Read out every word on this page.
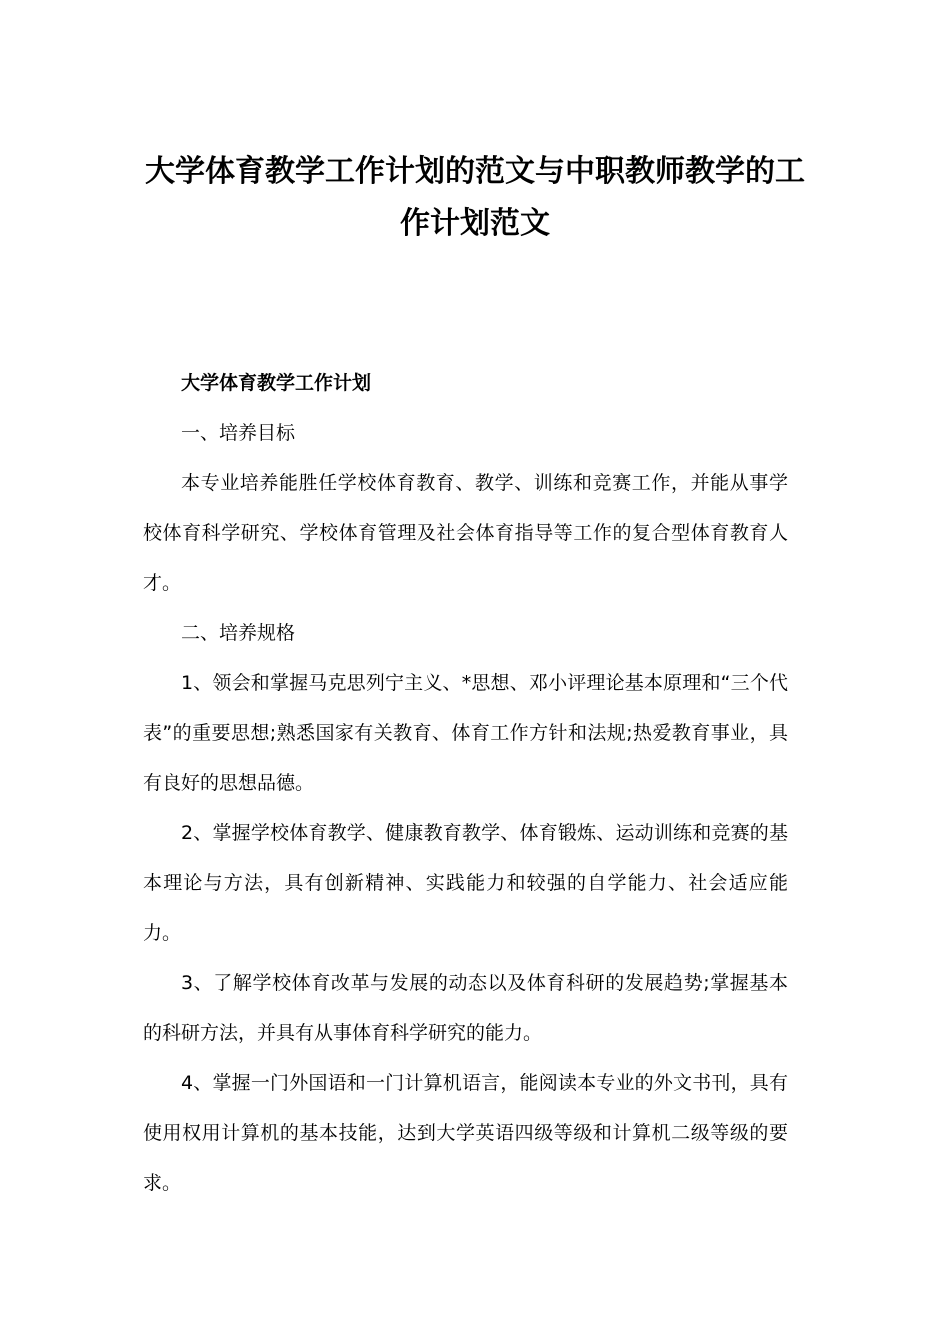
大学体育教学工作计划的范文与中职教师教学的工
作计划范文

大学体育教学工作计划

一、培养目标

本专业培养能胜任学校体育教育、教学、训练和竞赛工作，并能从事学校体育科学研究、学校体育管理及社会体育指导等工作的复合型体育教育人才。

二、培养规格

1、领会和掌握马克思列宁主义、*思想、邓小评理论基本原理和“三个代表”的重要思想;熟悉国家有关教育、体育工作方针和法规;热爱教育事业，具有良好的思想品德。

2、掌握学校体育教学、健康教育教学、体育锻炼、运动训练和竞赛的基本理论与方法，具有创新精神、实践能力和较强的自学能力、社会适应能力。

3、了解学校体育改革与发展的动态以及体育科研的发展趋势;掌握基本的科研方法，并具有从事体育科学研究的能力。

4、掌握一门外国语和一门计算机语言，能阅读本专业的外文书刊，具有使用权用计算机的基本技能，达到大学英语四级等级和计算机二级等级的要求。
